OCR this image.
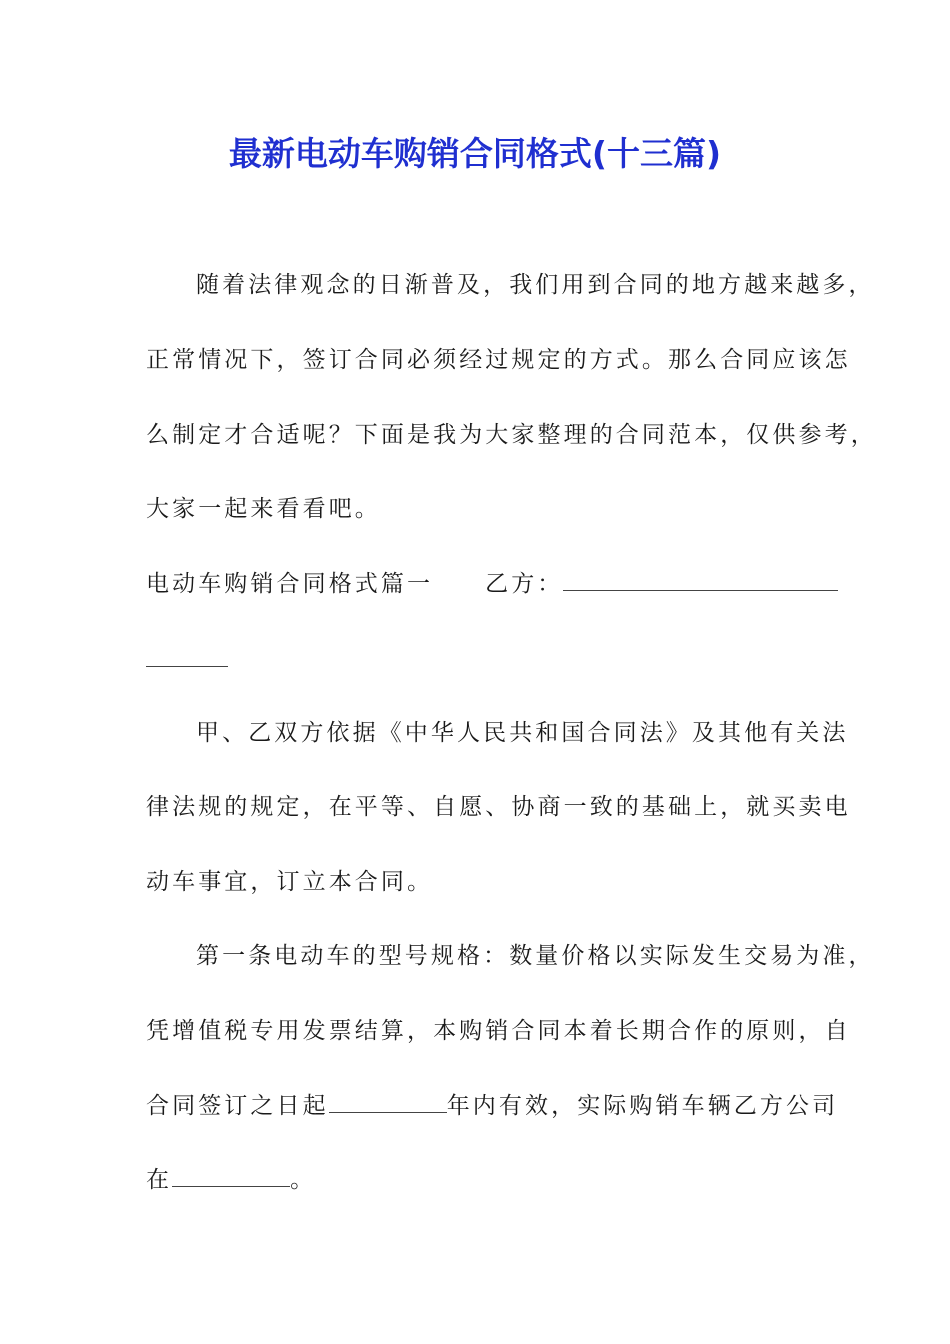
最新电动车购销合同格式(十三篇)
随着法律观念的日渐普及，我们用到合同的地方越来越多，
正常情况下，签订合同必须经过规定的方式。那么合同应该怎
么制定才合适呢？下面是我为大家整理的合同范本，仅供参考，
大家一起来看看吧。
电动车购销合同格式篇一 乙方：
甲、乙双方依据《中华人民共和国合同法》及其他有关法
律法规的规定，在平等、自愿、协商一致的基础上，就买卖电
动车事宜，订立本合同。
第一条电动车的型号规格：数量价格以实际发生交易为准，
凭增值税专用发票结算，本购销合同本着长期合作的原则，自
合同签订之日起	年内有效，实际购销车辆乙方公司
在	。
